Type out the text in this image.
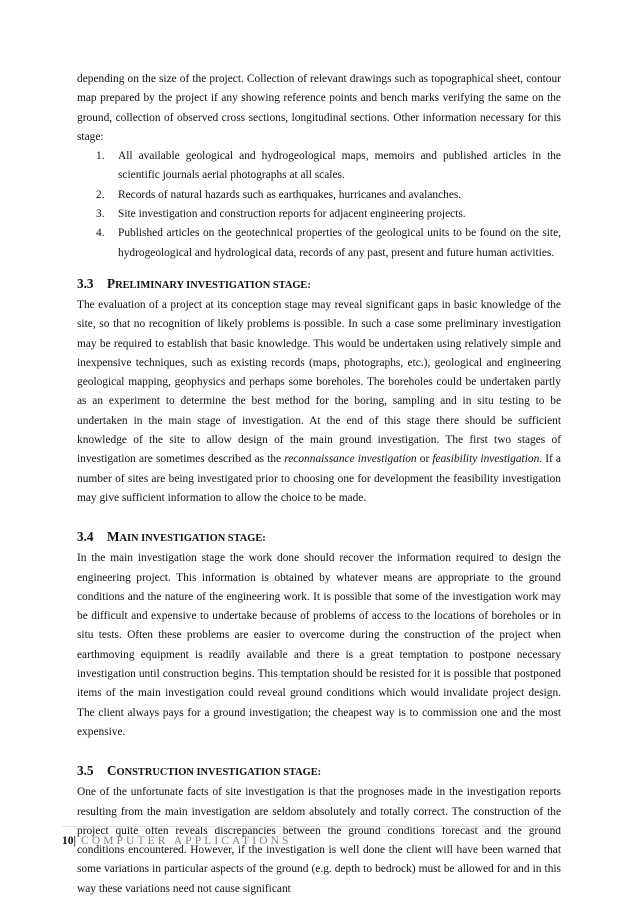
depending on the size of the project. Collection of relevant drawings such as topographical sheet, contour map prepared by the project if any showing reference points and bench marks verifying the same on the ground, collection of observed cross sections, longitudinal sections. Other information necessary for this stage:

1. All available geological and hydrogeological maps, memoirs and published articles in the scientific journals aerial photographs at all scales.
2. Records of natural hazards such as earthquakes, hurricanes and avalanches.
3. Site investigation and construction reports for adjacent engineering projects.
4. Published articles on the geotechnical properties of the geological units to be found on the site, hydrogeological and hydrological data, records of any past, present and future human activities.
3.3 PRELIMINARY INVESTIGATION STAGE:

The evaluation of a project at its conception stage may reveal significant gaps in basic knowledge of the site, so that no recognition of likely problems is possible. In such a case some preliminary investigation may be required to establish that basic knowledge. This would be undertaken using relatively simple and inexpensive techniques, such as existing records (maps, photographs, etc.), geological and engineering geological mapping, geophysics and perhaps some boreholes. The boreholes could be undertaken partly as an experiment to determine the best method for the boring, sampling and in situ testing to be undertaken in the main stage of investigation. At the end of this stage there should be sufficient knowledge of the site to allow design of the main ground investigation. The first two stages of investigation are sometimes described as the reconnaissance investigation or feasibility investigation. If a number of sites are being investigated prior to choosing one for development the feasibility investigation may give sufficient information to allow the choice to be made.

3.4 MAIN INVESTIGATION STAGE:

In the main investigation stage the work done should recover the information required to design the engineering project. This information is obtained by whatever means are appropriate to the ground conditions and the nature of the engineering work. It is possible that some of the investigation work may be difficult and expensive to undertake because of problems of access to the locations of boreholes or in situ tests. Often these problems are easier to overcome during the construction of the project when earthmoving equipment is readily available and there is a great temptation to postpone necessary investigation until construction begins. This temptation should be resisted for it is possible that postponed items of the main investigation could reveal ground conditions which would invalidate project design. The client always pays for a ground investigation; the cheapest way is to commission one and the most expensive.

3.5 CONSTRUCTION INVESTIGATION STAGE:

One of the unfortunate facts of site investigation is that the prognoses made in the investigation reports resulting from the main investigation are seldom absolutely and totally correct. The construction of the project quite often reveals discrepancies between the ground conditions forecast and the ground conditions encountered. However, if the investigation is well done the client will have been warned that some variations in particular aspects of the ground (e.g. depth to bedrock) must be allowed for and in this way these variations need not cause significant

10| COMPUTER APPLICATIONS
